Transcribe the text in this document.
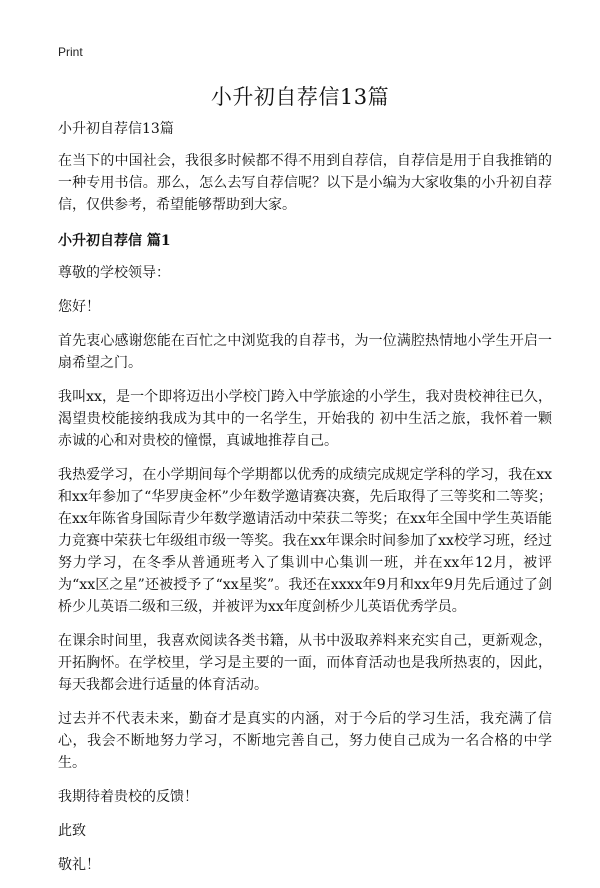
Print
小升初自荐信13篇

小升初自荐信13篇

在当下的中国社会，我很多时候都不得不用到自荐信，自荐信是用于自我推销的一种专用书信。那么，怎么去写自荐信呢？以下是小编为大家收集的小升初自荐信，仅供参考，希望能够帮助到大家。

小升初自荐信 篇1

尊敬的学校领导：

您好！

首先衷心感谢您能在百忙之中浏览我的自荐书，为一位满腔热情地小学生开启一扇希望之门。

我叫xx，是一个即将迈出小学校门跨入中学旅途的小学生，我对贵校神往已久，渴望贵校能接纳我成为其中的一名学生，开始我的 初中生活之旅，我怀着一颗赤诚的心和对贵校的憧憬，真诚地推荐自己。

我热爱学习，在小学期间每个学期都以优秀的成绩完成规定学科的学习，我在xx和xx年参加了“华罗庚金杯”少年数学邀请赛决赛，先后取得了三等奖和二等奖；在xx年陈省身国际青少年数学邀请活动中荣获二等奖；在xx年全国中学生英语能力竞赛中荣获七年级组市级一等奖。我在xx年课余时间参加了xx校学习班，经过努力学习，在冬季从普通班考入了集训中心集训一班，并在xx年12月，被评为“xx区之星”还被授予了“xx星奖”。我还在xxxx年9月和xx年9月先后通过了剑桥少儿英语二级和三级，并被评为xx年度剑桥少儿英语优秀学员。

在课余时间里，我喜欢阅读各类书籍，从书中汲取养料来充实自己，更新观念，开拓胸怀。在学校里，学习是主要的一面，而体育活动也是我所热衷的，因此，每天我都会进行适量的体育活动。

过去并不代表未来，勤奋才是真实的内涵，对于今后的学习生活，我充满了信心，我会不断地努力学习，不断地完善自己，努力使自己成为一名合格的中学生。

我期待着贵校的反馈！

此致

敬礼！
